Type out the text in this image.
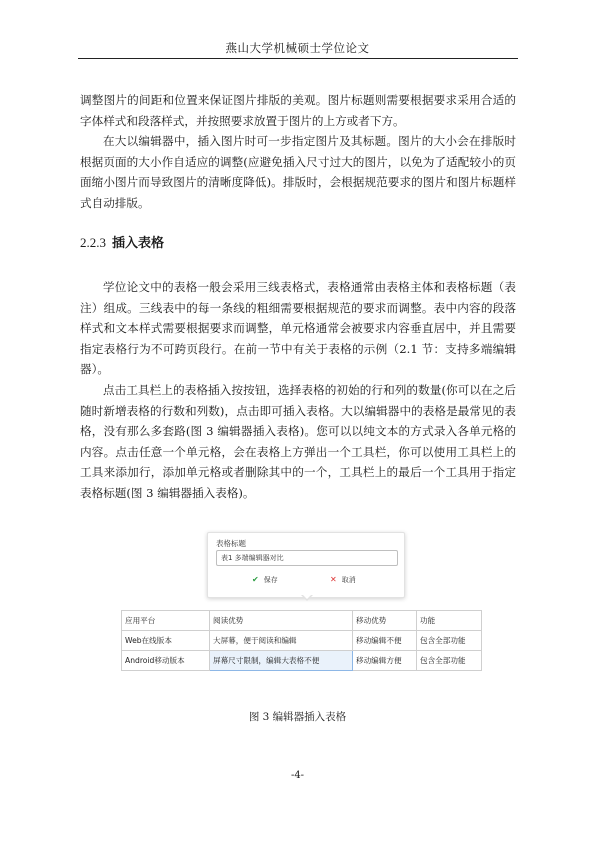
燕山大学机械硕士学位论文

调整图片的间距和位置来保证图片排版的美观。图片标题则需要根据要求采用合适的字体样式和段落样式，并按照要求放置于图片的上方或者下方。

在大以编辑器中，插入图片时可一步指定图片及其标题。图片的大小会在排版时根据页面的大小作自适应的调整(应避免插入尺寸过大的图片，以免为了适配较小的页面缩小图片而导致图片的清晰度降低)。排版时，会根据规范要求的图片和图片标题样式自动排版。

2.2.3 插入表格

学位论文中的表格一般会采用三线表格式，表格通常由表格主体和表格标题（表注）组成。三线表中的每一条线的粗细需要根据规范的要求而调整。表中内容的段落样式和文本样式需要根据要求而调整，单元格通常会被要求内容垂直居中，并且需要指定表格行为不可跨页段行。在前一节中有关于表格的示例（2.1 节：支持多端编辑器）。

点击工具栏上的表格插入按按钮，选择表格的初始的行和列的数量(你可以在之后随时新增表格的行数和列数)，点击即可插入表格。大以编辑器中的表格是最常见的表格，没有那么多套路(图 3 编辑器插入表格)。您可以以纯文本的方式录入各单元格的内容。点击任意一个单元格，会在表格上方弹出一个工具栏，你可以使用工具栏上的工具来添加行，添加单元格或者删除其中的一个，工具栏上的最后一个工具用于指定表格标题(图 3 编辑器插入表格)。

表格标题
表1 多端编辑器对比
✔ 保存	✕ 取消
应用平台	阅读优势	移动优势	功能
Web在线版本	大屏幕，便于阅读和编辑	移动编辑不便	包含全部功能
Android移动版本	屏幕尺寸限制，编辑大表格不便	移动编辑方便	包含全部功能
图 3 编辑器插入表格
-4-
